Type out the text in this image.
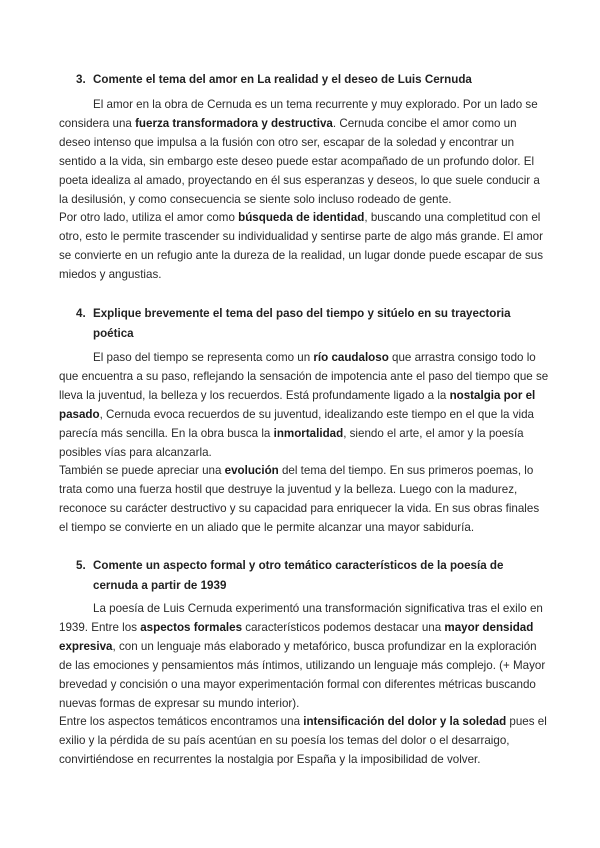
3. Comente el tema del amor en La realidad y el deseo de Luis Cernuda

El amor en la obra de Cernuda es un tema recurrente y muy explorado. Por un lado se considera una fuerza transformadora y destructiva. Cernuda concibe el amor como un deseo intenso que impulsa a la fusión con otro ser, escapar de la soledad y encontrar un sentido a la vida, sin embargo este deseo puede estar acompañado de un profundo dolor. El poeta idealiza al amado, proyectando en él sus esperanzas y deseos, lo que suele conducir a la desilusión, y como consecuencia se siente solo incluso rodeado de gente.

Por otro lado, utiliza el amor como búsqueda de identidad, buscando una completitud con el otro, esto le permite trascender su individualidad y sentirse parte de algo más grande. El amor se convierte en un refugio ante la dureza de la realidad, un lugar donde puede escapar de sus miedos y angustias.

4. Explique brevemente el tema del paso del tiempo y sitúelo en su trayectoria poética

El paso del tiempo se representa como un río caudaloso que arrastra consigo todo lo que encuentra a su paso, reflejando la sensación de impotencia ante el paso del tiempo que se lleva la juventud, la belleza y los recuerdos. Está profundamente ligado a la nostalgia por el pasado, Cernuda evoca recuerdos de su juventud, idealizando este tiempo en el que la vida parecía más sencilla. En la obra busca la inmortalidad, siendo el arte, el amor y la poesía posibles vías para alcanzarla.

También se puede apreciar una evolución del tema del tiempo. En sus primeros poemas, lo trata como una fuerza hostil que destruye la juventud y la belleza. Luego con la madurez, reconoce su carácter destructivo y su capacidad para enriquecer la vida. En sus obras finales el tiempo se convierte en un aliado que le permite alcanzar una mayor sabiduría.

5. Comente un aspecto formal y otro temático característicos de la poesía de cernuda a partir de 1939

La poesía de Luis Cernuda experimentó una transformación significativa tras el exilo en 1939. Entre los aspectos formales característicos podemos destacar una mayor densidad expresiva, con un lenguaje más elaborado y metafórico, busca profundizar en la exploración de las emociones y pensamientos más íntimos, utilizando un lenguaje más complejo. (+ Mayor brevedad y concisión o una mayor experimentación formal con diferentes métricas buscando nuevas formas de expresar su mundo interior).

Entre los aspectos temáticos encontramos una intensificación del dolor y la soledad pues el exilio y la pérdida de su país acentúan en su poesía los temas del dolor o el desarraigo, convirtiéndose en recurrentes la nostalgia por España y la imposibilidad de volver.
